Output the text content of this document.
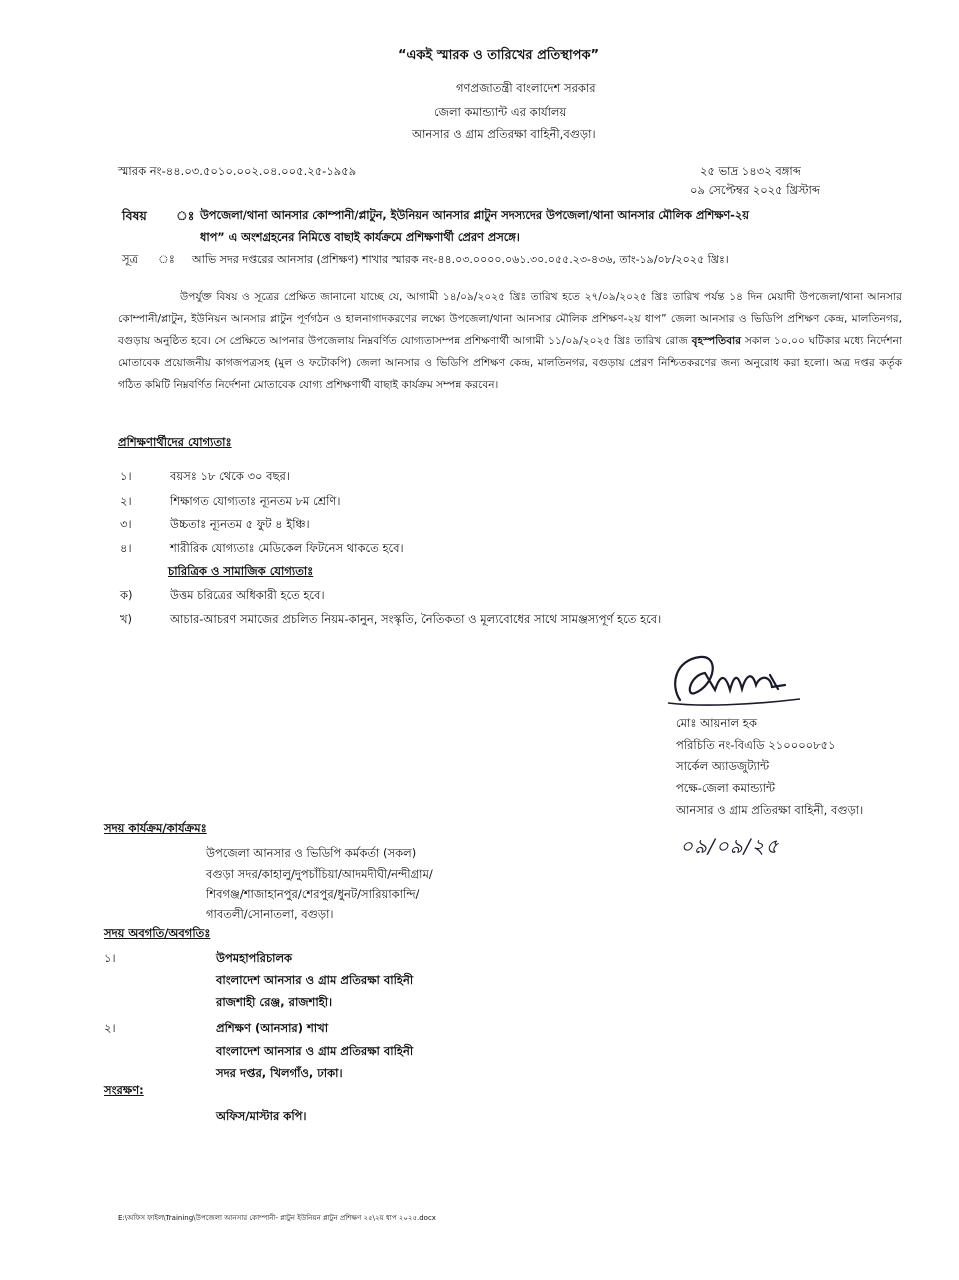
“একই স্মারক ও তারিখের প্রতিস্থাপক”
গণপ্রজাতন্ত্রী বাংলাদেশ সরকার
জেলা কমান্ড্যান্ট এর কার্যালয়
আনসার ও গ্রাম প্রতিরক্ষা বাহিনী,বগুড়া।
স্মারক নং-৪৪.০৩.৫০১০.০০২.০৪.০০৫.২৫-১৯৫৯	২৫ ভাদ্র ১৪৩২ বঙ্গাব্দ
০৯ সেপ্টেম্বর ২০২৫ খ্রিস্টাব্দ
বিষয় ঃ উপজেলা/থানা আনসার কোম্পানী/প্লাটুন, ইউনিয়ন আনসার প্লাটুন সদস্যদের উপজেলা/থানা আনসার মৌলিক প্রশিক্ষণ-২য়
ধাপ” এ অংশগ্রহনের নিমিত্তে বাছাই কার্যক্রমে প্রশিক্ষণার্থী প্রেরণ প্রসঙ্গে।
সূত্র ঃ আভি সদর দপ্তরের আনসার (প্রশিক্ষণ) শাখার স্মারক নং-৪৪.০৩.০০০০.০৬১.৩০.০৫৫.২৩-৪৩৬, তাং-১৯/০৮/২০২৫ খ্রিঃ।
উপর্যুক্ত বিষয় ও সূত্রের প্রেক্ষিত জানানো যাচ্ছে যে, আগামী ১৪/০৯/২০২৫ খ্রিঃ তারিখ হতে ২৭/০৯/২০২৫ খ্রিঃ তারিখ পর্যন্ত ১৪ দিন মেয়াদী উপজেলা/থানা আনসার কোম্পানী/প্লাটুন, ইউনিয়ন আনসার প্লাটুন পূর্ণগঠন ও হালনাগাদকরণের লক্ষ্যে উপজেলা/থানা আনসার মৌলিক প্রশিক্ষণ-২য় ধাপ” জেলা আনসার ও ভিডিপি প্রশিক্ষণ কেন্দ্র, মালতিনগর, বগুড়ায় অনুষ্ঠিত হবে। সে প্রেক্ষিতে আপনার উপজেলায় নিম্নবর্ণিত যোগ্যতাসম্পন্ন প্রশিক্ষণার্থী আগামী ১১/০৯/২০২৫ খ্রিঃ তারিখ রোজ বৃহস্পতিবার সকাল ১০.০০ ঘটিকার মধ্যে নির্দেশনা মোতাবেক প্রয়োজনীয় কাগজপত্রসহ (মুল ও ফটোকপি) জেলা আনসার ও ভিডিপি প্রশিক্ষণ কেন্দ্র, মালতিনগর, বগুড়ায় প্রেরণ নিশ্চিতকরণের জন্য অনুরোধ করা হলো। অত্র দপ্তর কর্তৃক গঠিত কমিটি নিম্নবর্ণিত নির্দেশনা মোতাবেক যোগ্য প্রশিক্ষণার্থী বাছাই কার্যক্রম সম্পন্ন করবেন।
প্রশিক্ষণার্থীদের যোগ্যতাঃ
১।	বয়সঃ ১৮ থেকে ৩০ বছর।
২।	শিক্ষাগত যোগ্যতাঃ ন্যূনতম ৮ম শ্রেণি।
৩।	উচ্চতাঃ ন্যূনতম ৫ ফুট ৪ ইঞ্চি।
৪।	শারীরিক যোগ্যতাঃ মেডিকেল ফিটনেস থাকতে হবে।
চারিত্রিক ও সামাজিক যোগ্যতাঃ
ক)	উত্তম চরিত্রের অধিকারী হতে হবে।
খ)	আচার-আচরণ সমাজের প্রচলিত নিয়ম-কানুন, সংস্কৃতি, নৈতিকতা ও মূল্যবোধের সাথে সামঞ্জস্যপূর্ণ হতে হবে।
মোঃ আয়নাল হক
পরিচিতি নং-বিএডি ২১০০০০৮৫১
সার্কেল অ্যাডজুট্যান্ট
পক্ষে-জেলা কমান্ড্যান্ট
আনসার ও গ্রাম প্রতিরক্ষা বাহিনী, বগুড়া।
০৯/০৯/২৫
সদয় কার্যক্রম/কার্যক্রমঃ
উপজেলা আনসার ও ভিডিপি কর্মকর্তা (সকল)
বগুড়া সদর/কাহালু/দুপচাঁচিয়া/আদমদীঘী/নন্দীগ্রাম/
শিবগঞ্জ/শাজাহানপুর/শেরপুর/ধুনট/সারিয়াকান্দি/
গাবতলী/সোনাতলা, বগুড়া।
সদয় অবগতি/অবগতিঃ
১।	উপমহাপরিচালক
বাংলাদেশ আনসার ও গ্রাম প্রতিরক্ষা বাহিনী
রাজশাহী রেঞ্জ, রাজশাহী।
২।	প্রশিক্ষণ (আনসার) শাখা
বাংলাদেশ আনসার ও গ্রাম প্রতিরক্ষা বাহিনী
সদর দপ্তর, খিলগাঁও, ঢাকা।
সংরক্ষণ:
অফিস/মাস্টার কপি।
E:\অফিস ফাইল\Training\উপজেলা আনসার কোম্পানী- প্লাটুন ইউনিয়ন প্লাটুন প্রশিক্ষণ ২৫\২য় ধাপ ২০২৫.docx
